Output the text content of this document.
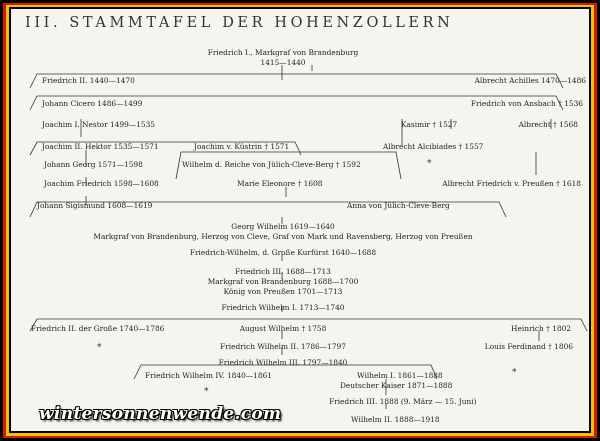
III. STAMMTAFEL DER HOHENZOLLERN
Friedrich I., Markgraf von Brandenburg
1415—1440
Friedrich II. 1440—1470	Albrecht Achilles 1470—1486
Johann Cicero 1486—1499	Friedrich von Ansbach † 1536
Joachim I. Nestor 1499—1535	Kasimir † 1527	Albrecht † 1568
Joachim II. Hektor 1535—1571	Joachim v. Küstrin † 1571	Albrecht Alcibiades † 1557
Johann Georg 1571—1598	Wilhelm d. Reiche von Jülich-Cleve-Berg † 1592	*
Joachim Friedrich 1598—1608	Marie Eleonore † 1608	Albrecht Friedrich v. Preußen † 1618
Johann Sigismund 1608—1619	Anna von Jülich-Cleve-Berg
Georg Wilhelm 1619—1640
Markgraf von Brandenburg, Herzog von Cleve, Graf von Mark und Ravensberg, Herzog von Preußen
Friedrich-Wilhelm, d. Große Kurfürst 1640—1688
Friedrich III. 1688—1713
Markgraf von Brandenburg 1688—1700
König von Preußen 1701—1713
Friedrich Wilhelm I. 1713—1740
Friedrich II. der Große 1740—1786	August Wilhelm † 1758	Heinrich † 1802
*	Friedrich Wilhelm II. 1786—1797	Louis Ferdinand † 1806
Friedrich Wilhelm III. 1797—1840
Friedrich Wilhelm IV. 1840—1861	Wilhelm I. 1861—1888
Deutscher Kaiser 1871—1888
*
*
Friedrich III. 1888 (9. März — 15. Juni)
Wilhelm II. 1888—1918
wintersonnenwende.com
